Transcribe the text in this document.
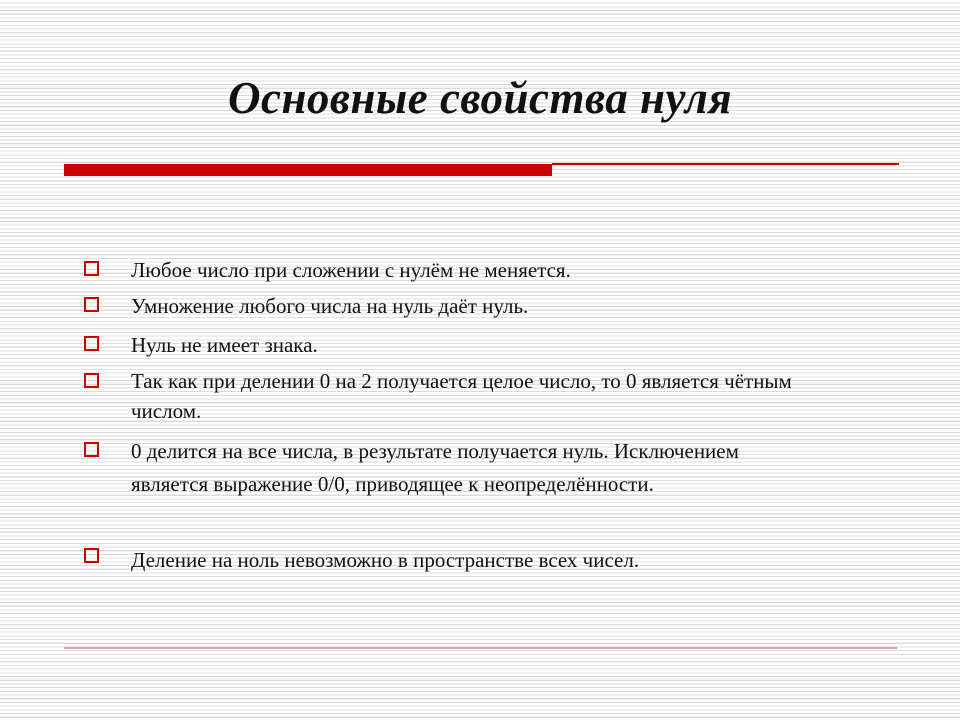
Основные свойства нуля
Любое число при сложении с нулём не меняется.
Умножение любого числа на нуль даёт нуль.
Нуль не имеет знака.
Так как при делении 0 на 2 получается целое число, то 0 является чётным числом.
0 делится на все числа, в результате получается нуль. Исключением является выражение 0/0, приводящее к неопределённости.
Деление на ноль невозможно в пространстве всех чисел.
